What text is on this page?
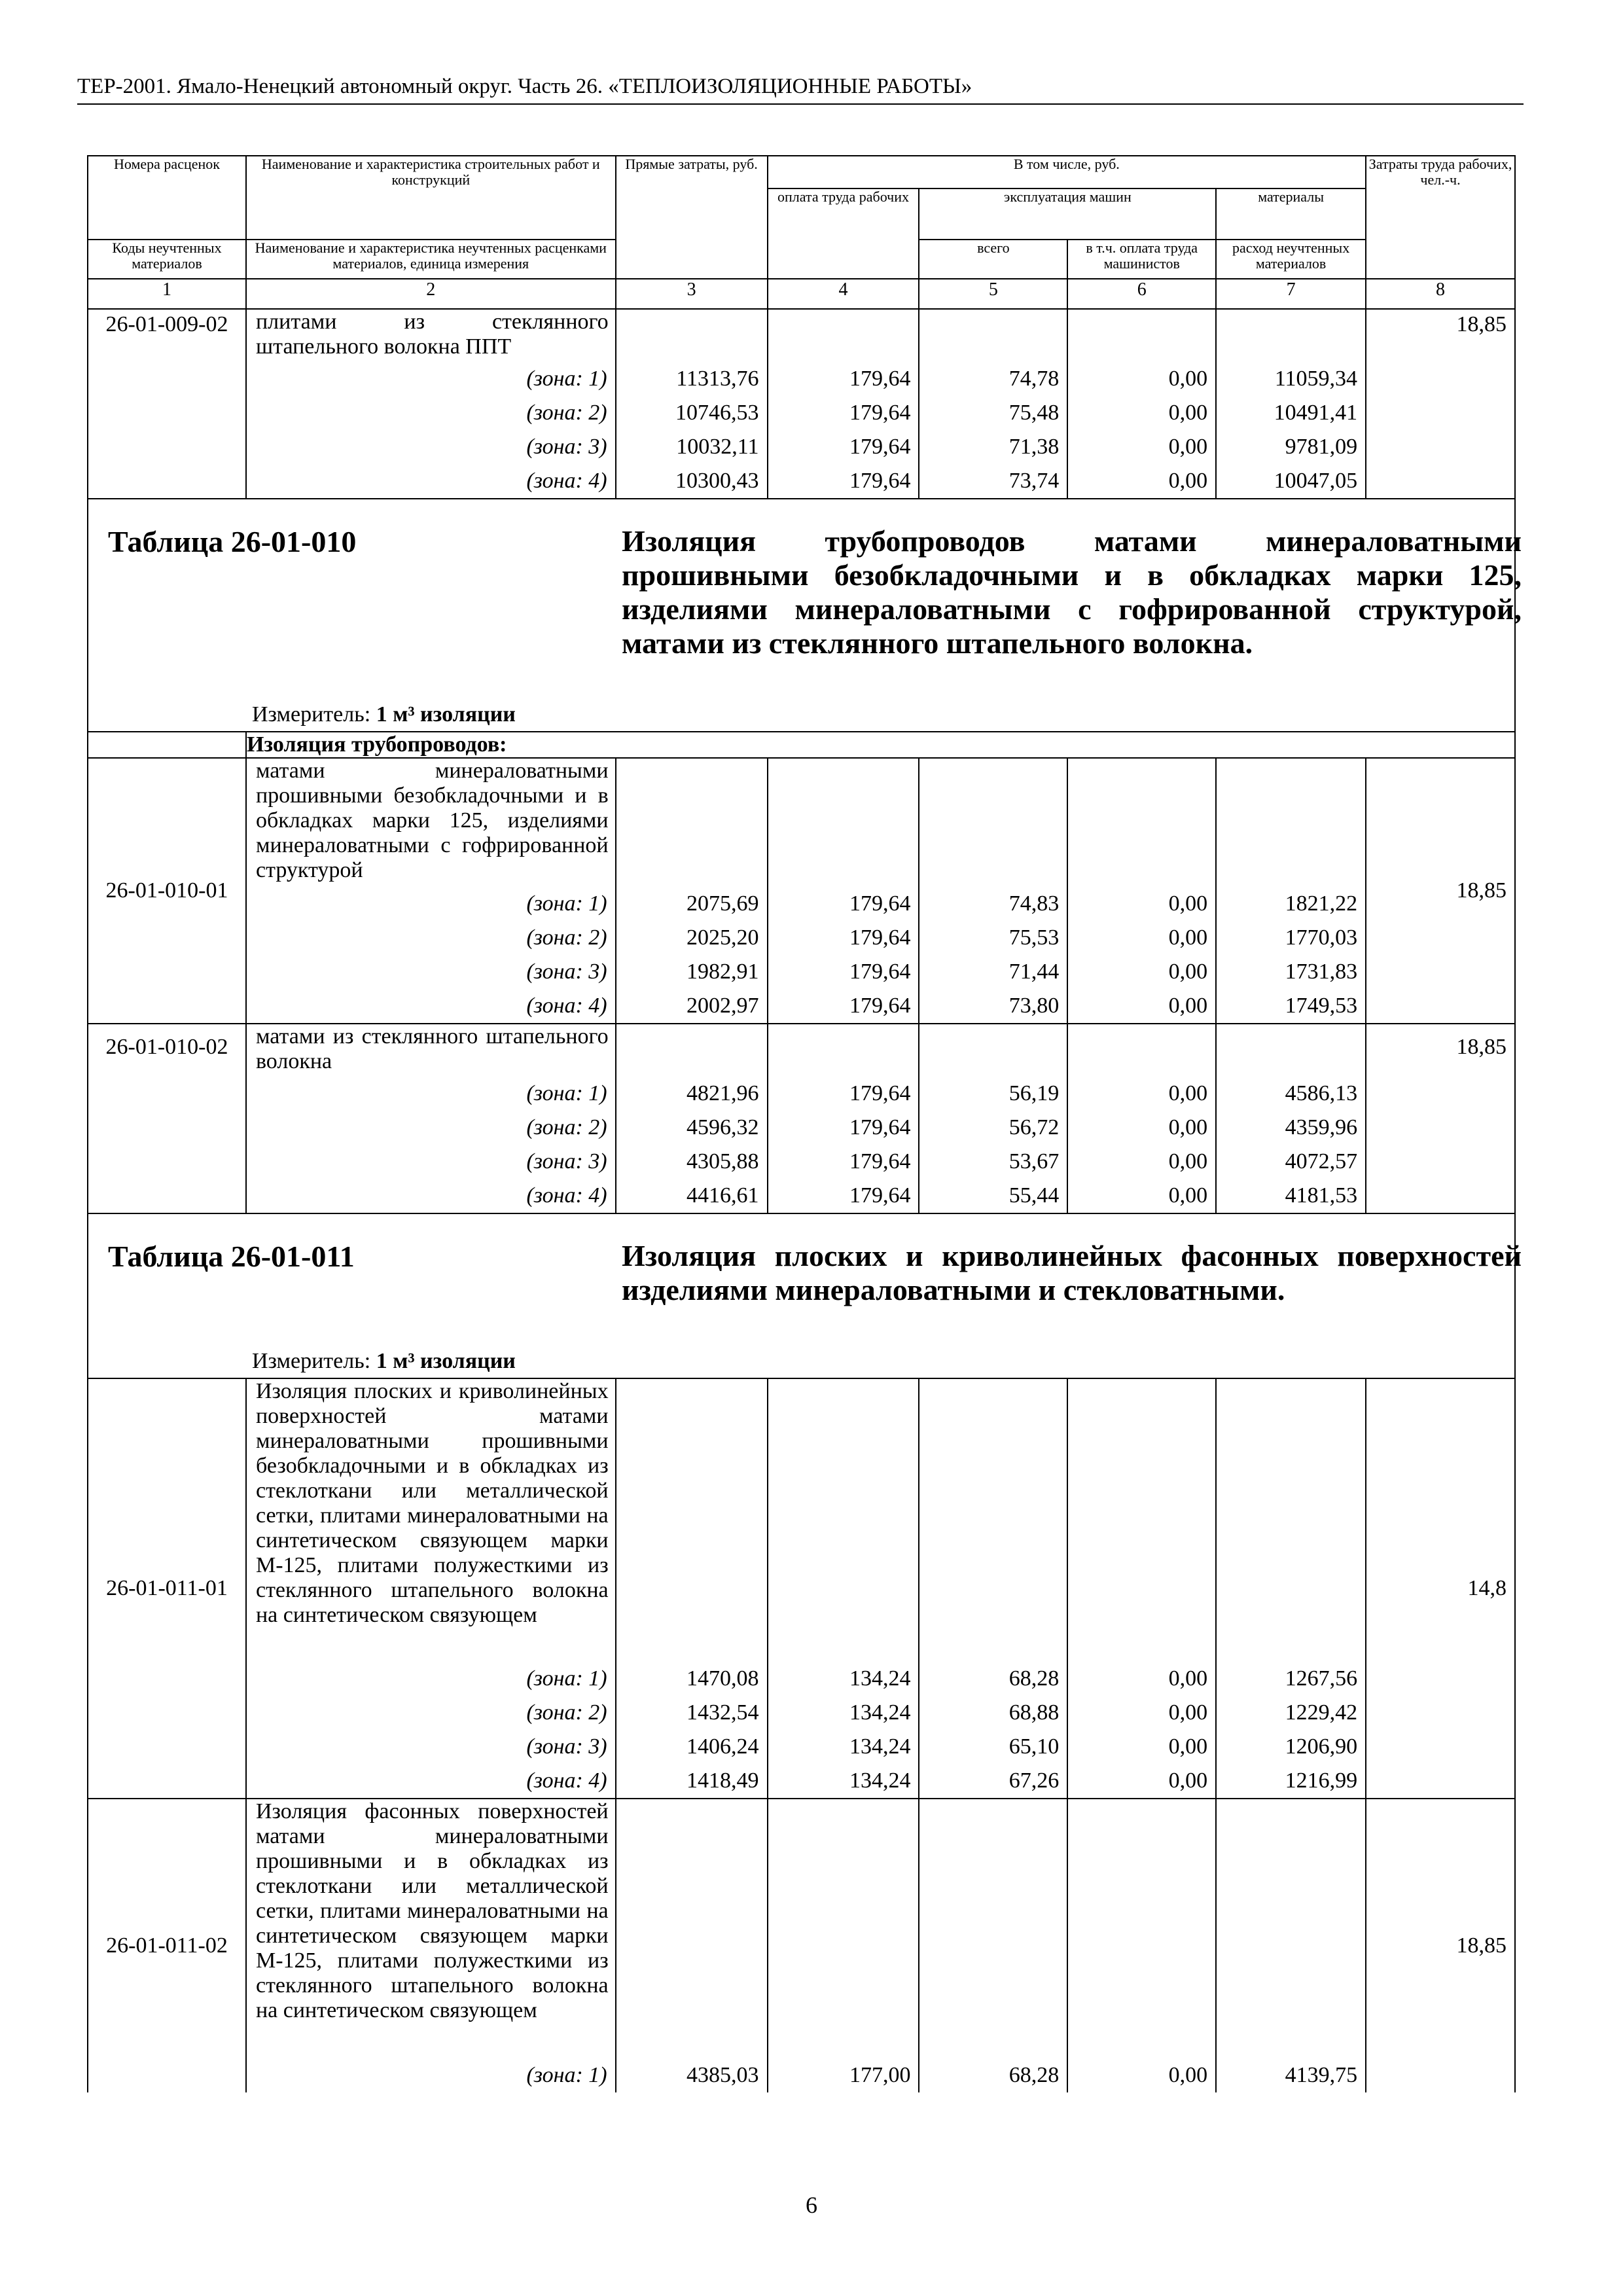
ТЕР-2001. Ямало-Ненецкий автономный округ. Часть 26. «ТЕПЛОИЗОЛЯЦИОННЫЕ РАБОТЫ»
Номера расценок	Наименование и характеристика строительных работ и конструкций	Прямые затраты, руб.	В том числе, руб.				Затраты труда рабочих, чел.-ч.
			оплата труда рабочих	эксплуатация машин		материалы	
Коды неучтенных материалов	Наименование и характеристика неучтенных расценками материалов, единица измерения			всего	в т.ч. оплата труда машинистов	расход неучтенных материалов	

1	2	3	4	5	6	7	8
26-01-009-02	плитами из стеклянного штапельного волокна ППТ						18,85
	(зона: 1)	11313,76	179,64	74,78	0,00	11059,34	
	(зона: 2)	10746,53	179,64	75,48	0,00	10491,41	
	(зона: 3)	10032,11	179,64	71,38	0,00	9781,09	
	(зона: 4)	10300,43	179,64	73,74	0,00	10047,05	

Таблица 26-01-010 Изоляция трубопроводов матами минераловатными прошивными безобкладочными и в обкладках марки 125, изделиями минераловатными с гофрированной структурой, матами из стеклянного штапельного волокна.
Измеритель: 1 м³ изоляции							

	Изоляция трубопроводов:						
26-01-010-01	матами минераловатными прошивными безобкладочными и в обкладках марки 125, изделиями минераловатными с гофрированной структурой						18,85
	(зона: 1)	2075,69	179,64	74,83	0,00	1821,22	
	(зона: 2)	2025,20	179,64	75,53	0,00	1770,03	
	(зона: 3)	1982,91	179,64	71,44	0,00	1731,83	
	(зона: 4)	2002,97	179,64	73,80	0,00	1749,53	
26-01-010-02	матами из стеклянного штапельного волокна						18,85
	(зона: 1)	4821,96	179,64	56,19	0,00	4586,13	
	(зона: 2)	4596,32	179,64	56,72	0,00	4359,96	
	(зона: 3)	4305,88	179,64	53,67	0,00	4072,57	
	(зона: 4)	4416,61	179,64	55,44	0,00	4181,53	

Таблица 26-01-011 Изоляция плоских и криволинейных фасонных поверхностей изделиями минераловатными и стекловатными.
Измеритель: 1 м³ изоляции							

26-01-011-01	Изоляция плоских и криволинейных поверхностей матами минераловатными прошивными безобкладочными и в обкладках из стеклоткани или металлической сетки, плитами минераловатными на синтетическом связующем марки М-125, плитами полужесткими из стеклянного штапельного волокна на синтетическом связующем						14,8
	(зона: 1)	1470,08	134,24	68,28	0,00	1267,56	
	(зона: 2)	1432,54	134,24	68,88	0,00	1229,42	
	(зона: 3)	1406,24	134,24	65,10	0,00	1206,90	
	(зона: 4)	1418,49	134,24	67,26	0,00	1216,99	
26-01-011-02	Изоляция фасонных поверхностей матами минераловатными прошивными и в обкладках из стеклоткани или металлической сетки, плитами минераловатными на синтетическом связующем марки М-125, плитами полужесткими из стеклянного штапельного волокна на синтетическом связующем						18,85
	(зона: 1)	4385,03	177,00	68,28	0,00	4139,75	
6
